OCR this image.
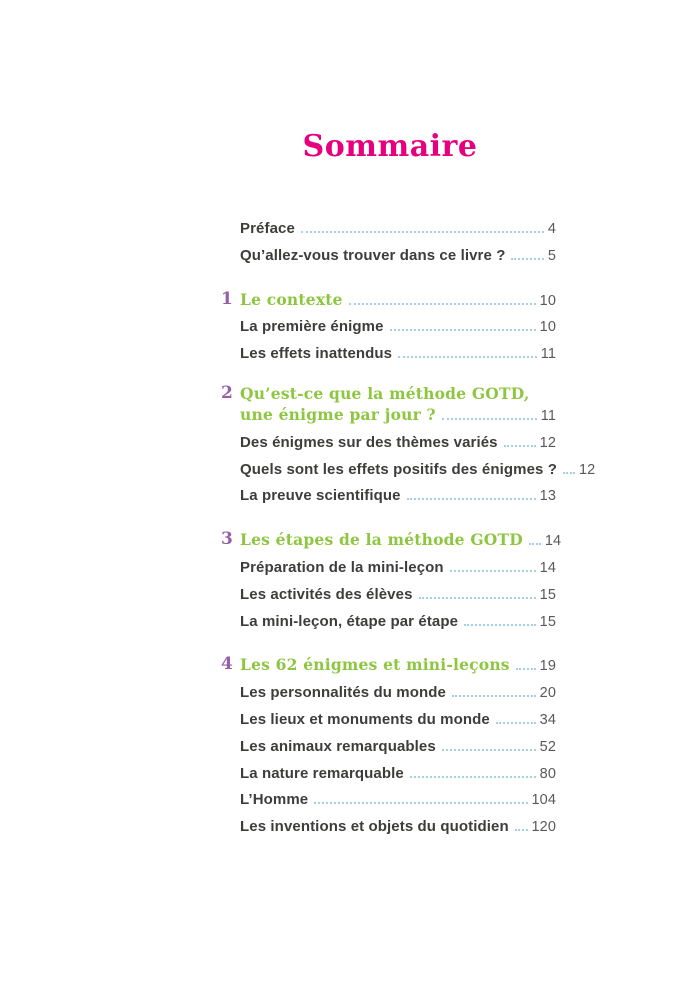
Sommaire
Préface	4
Qu’allez-vous trouver dans ce livre ?	5
1 Le contexte	10
La première énigme	10
Les effets inattendus	11
2 Qu’est-ce que la méthode GOTD,
une énigme par jour ?	11
Des énigmes sur des thèmes variés	12
Quels sont les effets positifs des énigmes ? 12
La preuve scientifique	13
3 Les étapes de la méthode GOTD 14
Préparation de la mini-leçon	14
Les activités des élèves	15
La mini-leçon, étape par étape	15
4 Les 62 énigmes et mini-leçons 19
Les personnalités du monde	20
Les lieux et monuments du monde	34
Les animaux remarquables	52
La nature remarquable	80
L’Homme	104
Les inventions et objets du quotidien 120
